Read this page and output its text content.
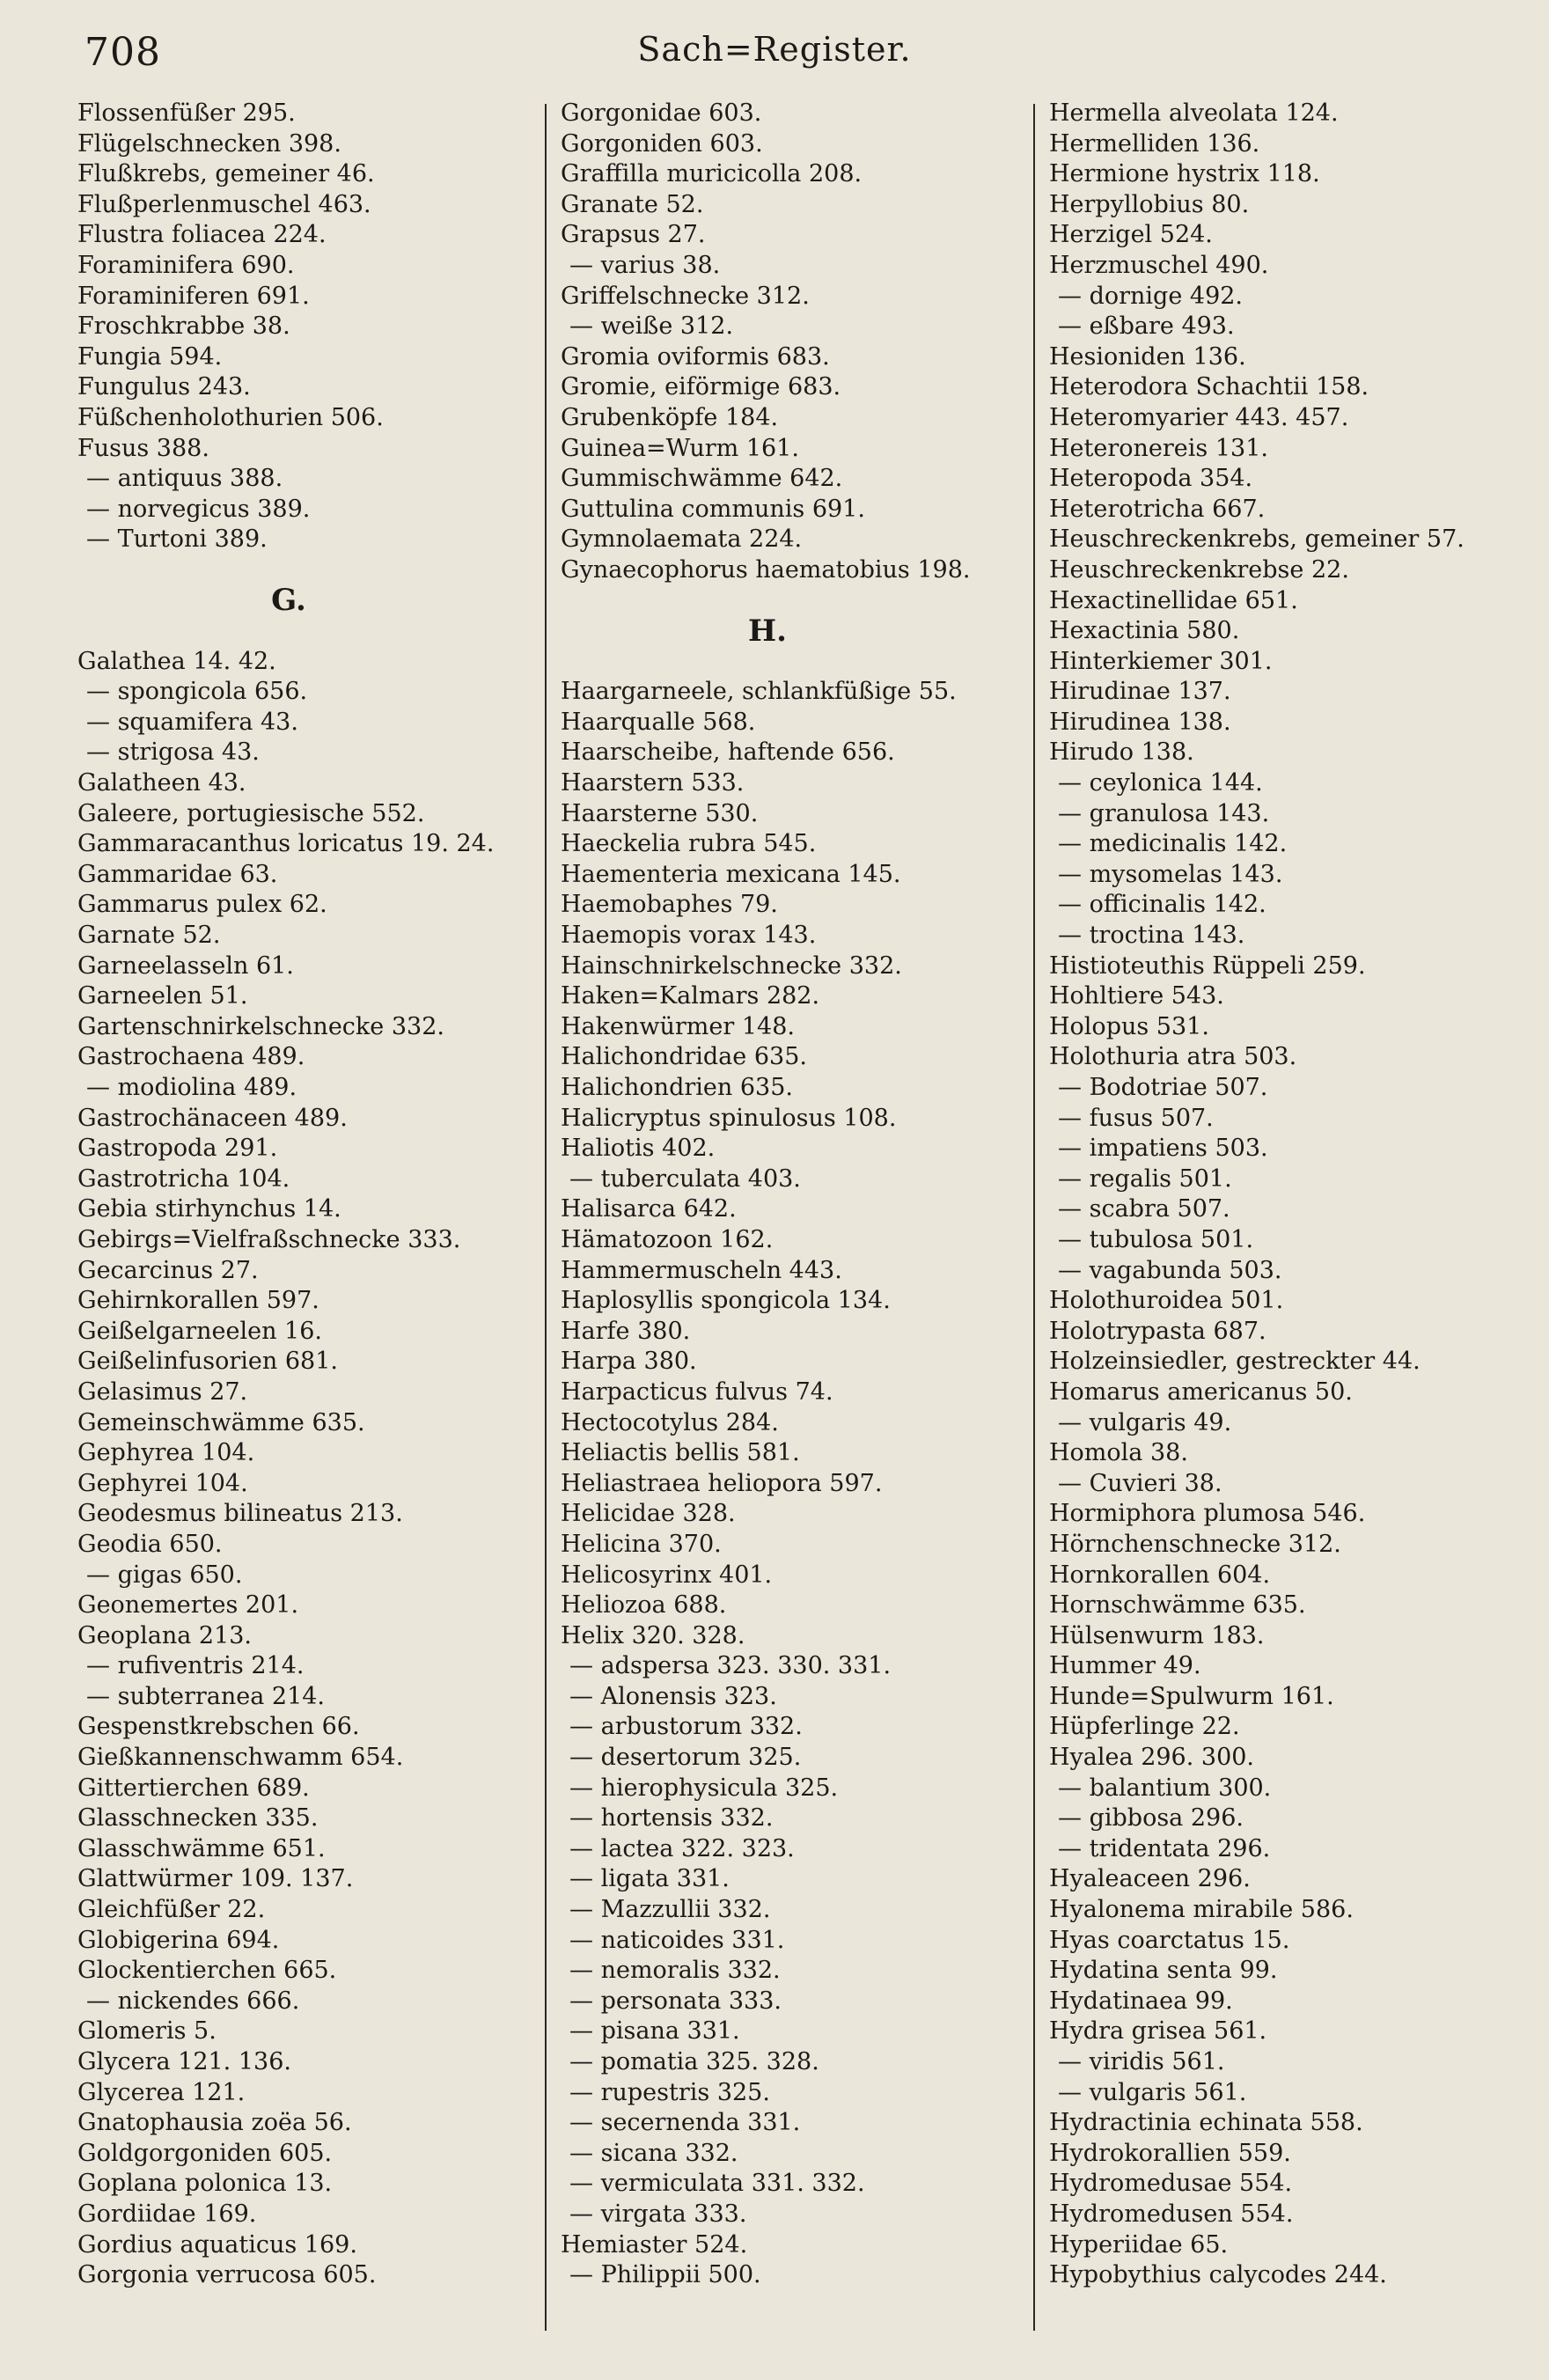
708	Sach=Register.
Flossenfüßer 295.
Flügelschnecken 398.
Flußkrebs, gemeiner 46.
Flußperlenmuschel 463.
Flustra foliacea 224.
Foraminifera 690.
Foraminiferen 691.
Froschkrabbe 38.
Fungia 594.
Fungulus 243.
Füßchenholothurien 506.
Fusus 388.
— antiquus 388.
— norvegicus 389.
— Turtoni 389.
G.
Galathea 14. 42.
— spongicola 656.
— squamifera 43.
— strigosa 43.
Galatheen 43.
Galeere, portugiesische 552.
Gammaracanthus loricatus 19. 24.
Gammaridae 63.
Gammarus pulex 62.
Garnate 52.
Garneelasseln 61.
Garneelen 51.
Gartenschnirkelschnecke 332.
Gastrochaena 489.
— modiolina 489.
Gastrochänaceen 489.
Gastropoda 291.
Gastrotricha 104.
Gebia stirhynchus 14.
Gebirgs=Vielfraßschnecke 333.
Gecarcinus 27.
Gehirnkorallen 597.
Geißelgarneelen 16.
Geißelinfusorien 681.
Gelasimus 27.
Gemeinschwämme 635.
Gephyrea 104.
Gephyrei 104.
Geodesmus bilineatus 213.
Geodia 650.
— gigas 650.
Geonemertes 201.
Geoplana 213.
— rufiventris 214.
— subterranea 214.
Gespenstkrebschen 66.
Gießkannenschwamm 654.
Gittertierchen 689.
Glasschnecken 335.
Glasschwämme 651.
Glattwürmer 109. 137.
Gleichfüßer 22.
Globigerina 694.
Glockentierchen 665.
— nickendes 666.
Glomeris 5.
Glycera 121. 136.
Glycerea 121.
Gnatophausia zoëa 56.
Goldgorgoniden 605.
Goplana polonica 13.
Gordiidae 169.
Gordius aquaticus 169.
Gorgonia verrucosa 605.
Gorgonidae 603.
Gorgoniden 603.
Graffilla muricicolla 208.
Granate 52.
Grapsus 27.
— varius 38.
Griffelschnecke 312.
— weiße 312.
Gromia oviformis 683.
Gromie, eiförmige 683.
Grubenköpfe 184.
Guinea=Wurm 161.
Gummischwämme 642.
Guttulina communis 691.
Gymnolaemata 224.
Gynaecophorus haematobius 198.
H.
Haargarneele, schlankfüßige 55.
Haarqualle 568.
Haarscheibe, haftende 656.
Haarstern 533.
Haarsterne 530.
Haeckelia rubra 545.
Haementeria mexicana 145.
Haemobaphes 79.
Haemopis vorax 143.
Hainschnirkelschnecke 332.
Haken=Kalmars 282.
Hakenwürmer 148.
Halichondridae 635.
Halichondrien 635.
Halicryptus spinulosus 108.
Haliotis 402.
— tuberculata 403.
Halisarca 642.
Hämatozoon 162.
Hammermuscheln 443.
Haplosyllis spongicola 134.
Harfe 380.
Harpa 380.
Harpacticus fulvus 74.
Hectocotylus 284.
Heliactis bellis 581.
Heliastraea heliopora 597.
Helicidae 328.
Helicina 370.
Helicosyrinx 401.
Heliozoa 688.
Helix 320. 328.
— adspersa 323. 330. 331.
— Alonensis 323.
— arbustorum 332.
— desertorum 325.
— hierophysicula 325.
— hortensis 332.
— lactea 322. 323.
— ligata 331.
— Mazzullii 332.
— naticoides 331.
— nemoralis 332.
— personata 333.
— pisana 331.
— pomatia 325. 328.
— rupestris 325.
— secernenda 331.
— sicana 332.
— vermiculata 331. 332.
— virgata 333.
Hemiaster 524.
— Philippii 500.
Hermella alveolata 124.
Hermelliden 136.
Hermione hystrix 118.
Herpyllobius 80.
Herzigel 524.
Herzmuschel 490.
— dornige 492.
— eßbare 493.
Hesioniden 136.
Heterodora Schachtii 158.
Heteromyarier 443. 457.
Heteronereis 131.
Heteropoda 354.
Heterotricha 667.
Heuschreckenkrebs, gemeiner 57.
Heuschreckenkrebse 22.
Hexactinellidae 651.
Hexactinia 580.
Hinterkiemer 301.
Hirudinae 137.
Hirudinea 138.
Hirudo 138.
— ceylonica 144.
— granulosa 143.
— medicinalis 142.
— mysomelas 143.
— officinalis 142.
— troctina 143.
Histioteuthis Rüppeli 259.
Hohltiere 543.
Holopus 531.
Holothuria atra 503.
— Bodotriae 507.
— fusus 507.
— impatiens 503.
— regalis 501.
— scabra 507.
— tubulosa 501.
— vagabunda 503.
Holothuroidea 501.
Holotrypasta 687.
Holzeinsiedler, gestreckter 44.
Homarus americanus 50.
— vulgaris 49.
Homola 38.
— Cuvieri 38.
Hormiphora plumosa 546.
Hörnchenschnecke 312.
Hornkorallen 604.
Hornschwämme 635.
Hülsenwurm 183.
Hummer 49.
Hunde=Spulwurm 161.
Hüpferlinge 22.
Hyalea 296. 300.
— balantium 300.
— gibbosa 296.
— tridentata 296.
Hyaleaceen 296.
Hyalonema mirabile 586.
Hyas coarctatus 15.
Hydatina senta 99.
Hydatinaea 99.
Hydra grisea 561.
— viridis 561.
— vulgaris 561.
Hydractinia echinata 558.
Hydrokorallien 559.
Hydromedusae 554.
Hydromedusen 554.
Hyperiidae 65.
Hypobythius calycodes 244.
